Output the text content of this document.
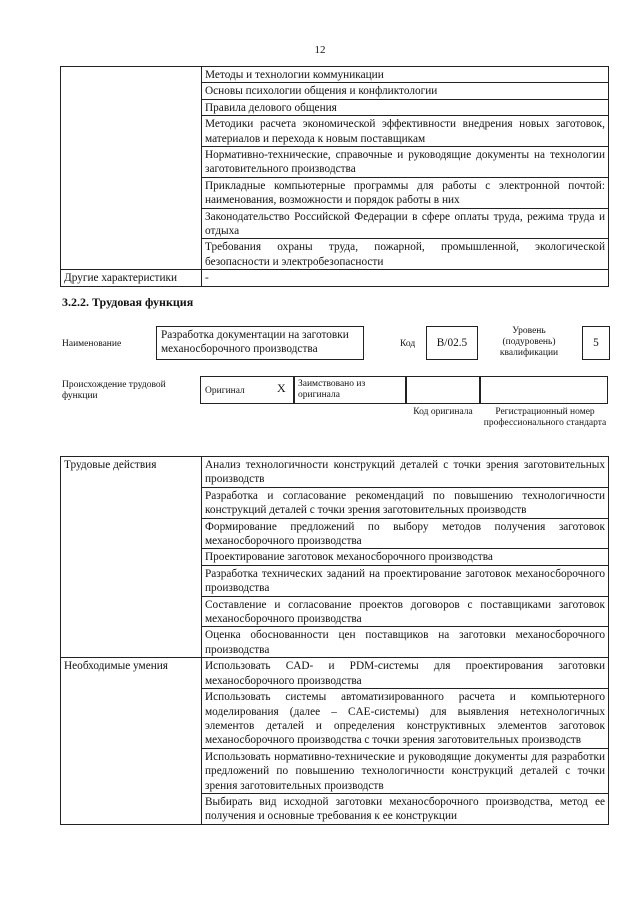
12
	Методы и технологии коммуникации
	Основы психологии общения и конфликтологии
	Правила делового общения
	Методики расчета экономической эффективности внедрения новых заготовок, материалов и перехода к новым поставщикам
	Нормативно-технические, справочные и руководящие документы на технологии заготовительного производства
	Прикладные компьютерные программы для работы с электронной почтой: наименования, возможности и порядок работы в них
	Законодательство Российской Федерации в сфере оплаты труда, режима труда и отдыха
	Требования охраны труда, пожарной, промышленной, экологической безопасности и электробезопасности
Другие характеристики	-
3.2.2. Трудовая функция
Наименование
Разработка документации на заготовки механосборочного производства	Код	В/02.5
Уровень (подуровень) квалификации
5
Происхождение трудовой функции	Оригинал	X Заимствовано из оригинала
Код оригинала	Регистрационный номер профессионального стандарта
Трудовые действия	Анализ технологичности конструкций деталей с точки зрения заготовительных производств
	Разработка и согласование рекомендаций по повышению технологичности конструкций деталей с точки зрения заготовительных производств
	Формирование предложений по выбору методов получения заготовок механосборочного производства
	Проектирование заготовок механосборочного производства
	Разработка технических заданий на проектирование заготовок механосборочного производства
	Составление и согласование проектов договоров с поставщиками заготовок механосборочного производства
	Оценка обоснованности цен поставщиков на заготовки механосборочного производства
Необходимые умения	Использовать CAD- и PDM-системы для проектирования заготовки механосборочного производства
	Использовать системы автоматизированного расчета и компьютерного моделирования (далее – CAE-системы) для выявления нетехнологичных элементов деталей и определения конструктивных элементов заготовок механосборочного производства с точки зрения заготовительных производств
	Использовать нормативно-технические и руководящие документы для разработки предложений по повышению технологичности конструкций деталей с точки зрения заготовительных производств
	Выбирать вид исходной заготовки механосборочного производства, метод ее получения и основные требования к ее конструкции
